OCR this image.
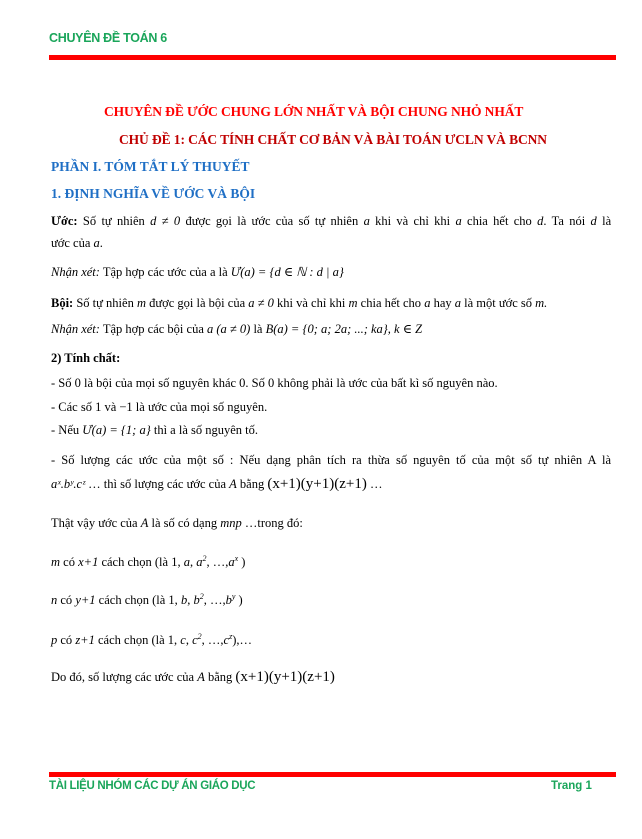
CHUYÊN ĐỀ TOÁN 6
CHUYÊN ĐỀ ƯỚC CHUNG LỚN NHẤT VÀ BỘI CHUNG NHỎ NHẤT
CHỦ ĐỀ 1: CÁC TÍNH CHẤT CƠ BẢN VÀ BÀI TOÁN ƯCLN VÀ BCNN
PHẦN I. TÓM TẮT LÝ THUYẾT
1. ĐỊNH NGHĨA VỀ ƯỚC VÀ BỘI
Ước: Số tự nhiên d ≠ 0 được gọi là ước của số tự nhiên a khi và chỉ khi a chia hết cho d. Ta nói d là
ước của a.
Nhận xét: Tập hợp các ước của a là Ư(a) = {d ∈ ℕ : d | a}
Bội: Số tự nhiên m được gọi là bội của a ≠ 0 khi và chỉ khi m chia hết cho a hay a là một ước số m.
Nhận xét: Tập hợp các bội của a (a ≠ 0) là B(a) = {0; a; 2a; ...; ka}, k ∈ Z
2) Tính chất:
- Số 0 là bội của mọi số nguyên khác 0. Số 0 không phải là ước của bất kì số nguyên nào.
- Các số 1 và −1 là ước của mọi số nguyên.
- Nếu Ư(a) = {1; a} thì a là số nguyên tố.
- Số lượng các ước của một số : Nếu dạng phân tích ra thừa số nguyên tố của một số tự nhiên A là
aˣ.bʸ.cᶻ … thì số lượng các ước của A bằng (x+1)(y+1)(z+1) …
Thật vậy ước của A là số có dạng mnp …trong đó:
m có x+1 cách chọn (là 1, a, $a^2$, $\dots,a^x$ )
n có y+1 cách chọn (là 1, b, $b^2$, $\dots,b^y$ )
p có z+1 cách chọn (là 1, c, $c^2$, $\dots,c^z),\dots$
Do đó, số lượng các ước của A bằng (x+1)(y+1)(z+1)
TÀI LIỆU NHÓM CÁC DỰ ÁN GIÁO DỤC	Trang 1
